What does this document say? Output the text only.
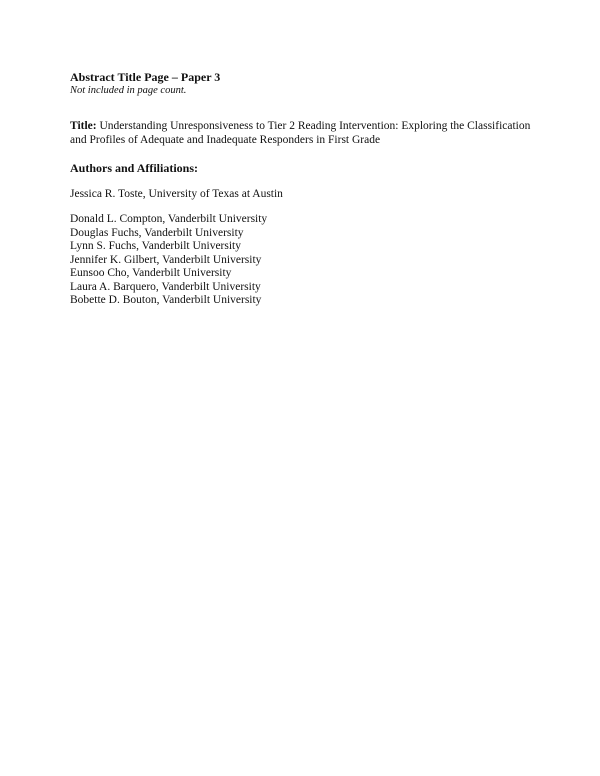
Abstract Title Page – Paper 3

Not included in page count.

Title: Understanding Unresponsiveness to Tier 2 Reading Intervention: Exploring the Classification and Profiles of Adequate and Inadequate Responders in First Grade
Authors and Affiliations:
Jessica R. Toste, University of Texas at Austin
Donald L. Compton, Vanderbilt University
Douglas Fuchs, Vanderbilt University
Lynn S. Fuchs, Vanderbilt University
Jennifer K. Gilbert, Vanderbilt University
Eunsoo Cho, Vanderbilt University
Laura A. Barquero, Vanderbilt University
Bobette D. Bouton, Vanderbilt University
